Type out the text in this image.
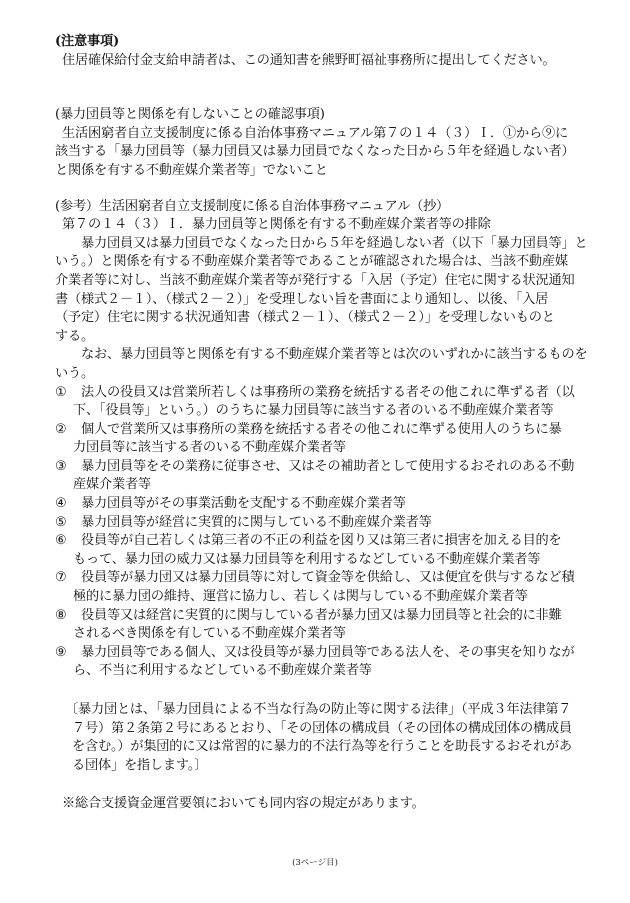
(注意事項)
住居確保給付金支給申請者は、この通知書を熊野町福祉事務所に提出してください。
(暴力団員等と関係を有しないことの確認事項)
生活困窮者自立支援制度に係る自治体事務マニュアル第７の１４（３）Ｉ．①から⑨に
該当する「暴力団員等（暴力団員又は暴力団員でなくなった日から５年を経過しない者）
と関係を有する不動産媒介業者等」でないこと
(参考）生活困窮者自立支援制度に係る自治体事務マニュアル（抄）
第７の１４（３）Ｉ．暴力団員等と関係を有する不動産媒介業者等の排除
暴力団員又は暴力団員でなくなった日から５年を経過しない者（以下「暴力団員等」と
いう。）と関係を有する不動産媒介業者等であることが確認された場合は、当該不動産媒
介業者等に対し、当該不動産媒介業者等が発行する「入居（予定）住宅に関する状況通知
書（様式２－１）、（様式２－２）」を受理しない旨を書面により通知し、以後、「入居
（予定）住宅に関する状況通知書（様式２－１）、（様式２－２）」を受理しないものと
する。
なお、暴力団員等と関係を有する不動産媒介業者等とは次のいずれかに該当するものを
いう。
① 法人の役員又は営業所若しくは事務所の業務を統括する者その他これに準ずる者（以
下、「役員等」という。）のうちに暴力団員等に該当する者のいる不動産媒介業者等
② 個人で営業所又は事務所の業務を統括する者その他これに準ずる使用人のうちに暴
力団員等に該当する者のいる不動産媒介業者等
③ 暴力団員等をその業務に従事させ、又はその補助者として使用するおそれのある不動
産媒介業者等
④ 暴力団員等がその事業活動を支配する不動産媒介業者等
⑤ 暴力団員等が経営に実質的に関与している不動産媒介業者等
⑥ 役員等が自己若しくは第三者の不正の利益を図り又は第三者に損害を加える目的を
もって、暴力団の威力又は暴力団員等を利用するなどしている不動産媒介業者等
⑦ 役員等が暴力団又は暴力団員等に対して資金等を供給し、又は便宜を供与するなど積
極的に暴力団の維持、運営に協力し、若しくは関与している不動産媒介業者等
⑧ 役員等又は経営に実質的に関与している者が暴力団又は暴力団員等と社会的に非難
されるべき関係を有している不動産媒介業者等
⑨ 暴力団員等である個人、又は役員等が暴力団員等である法人を、その事実を知りなが
ら、不当に利用するなどしている不動産媒介業者等
〔暴力団とは、「暴力団員による不当な行為の防止等に関する法律」（平成３年法律第７
７号）第２条第２号にあるとおり、「その団体の構成員（その団体の構成団体の構成員
を含む。）が集団的に又は常習的に暴力的不法行為等を行うことを助長するおそれがあ
る団体」を指します。〕
※総合支援資金運営要領においても同内容の規定があります。
(3ページ目)
